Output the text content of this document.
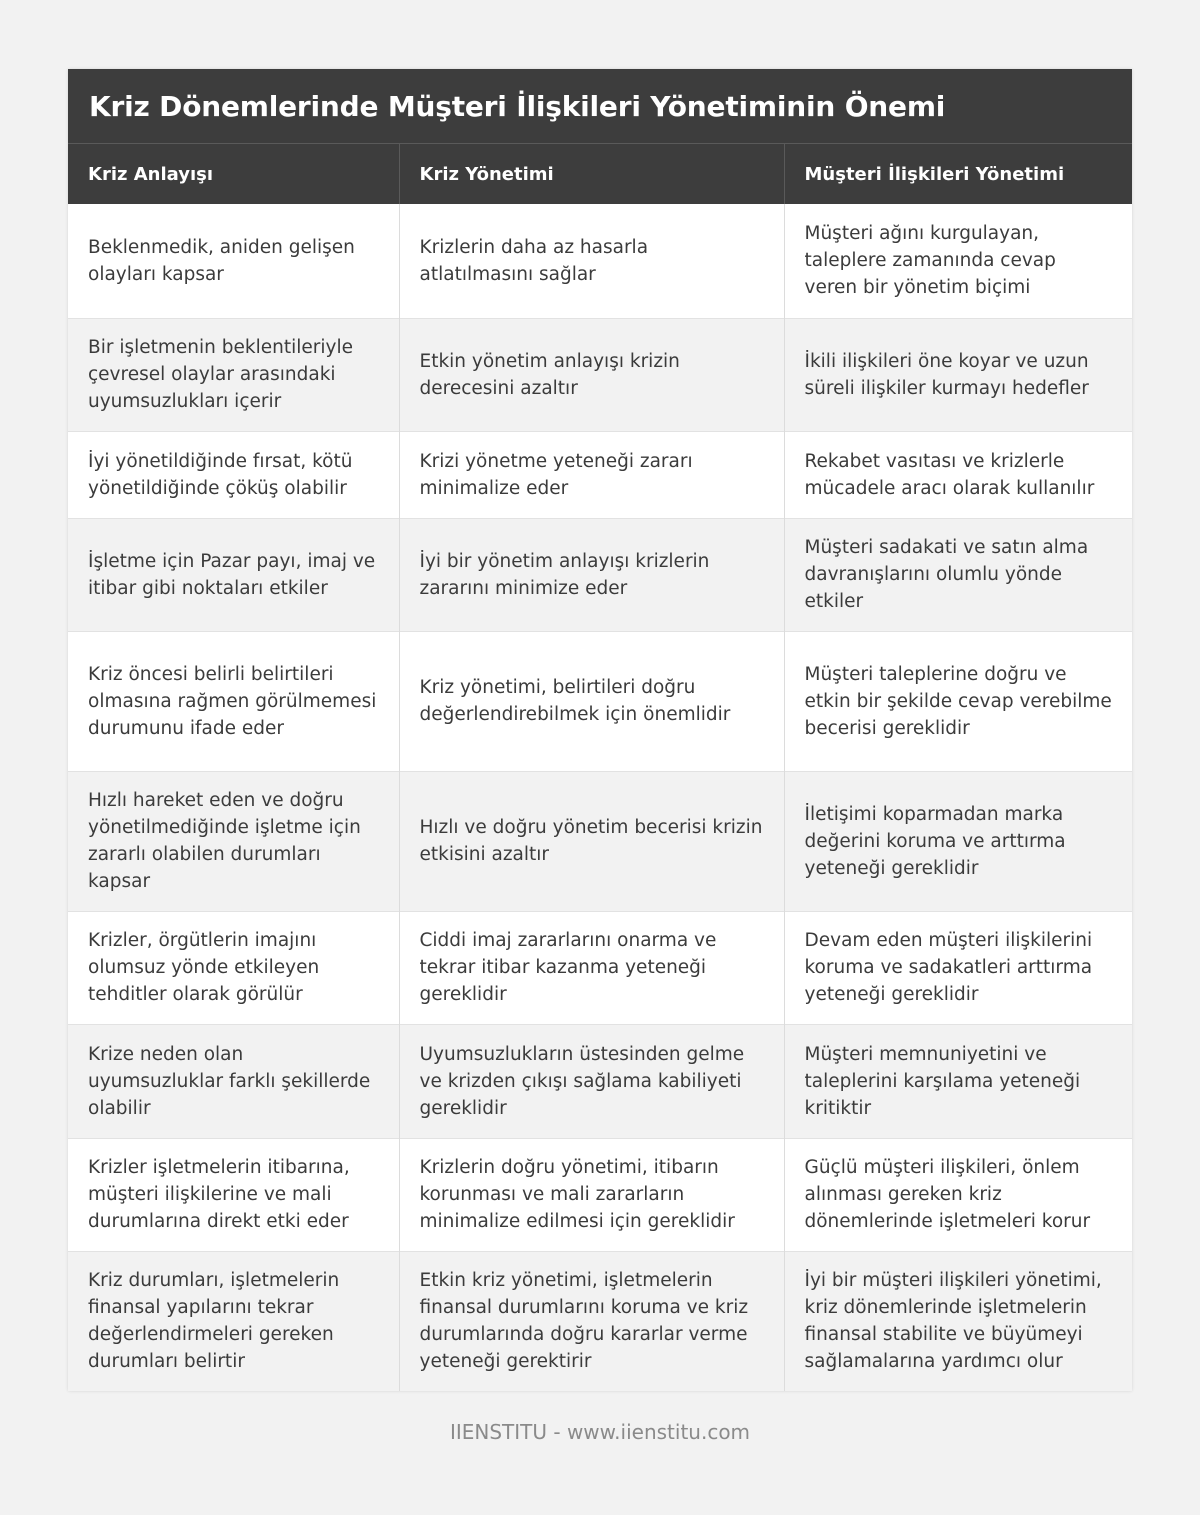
Kriz Dönemlerinde Müşteri İlişkileri Yönetiminin Önemi
Kriz Anlayışı	Kriz Yönetimi	Müşteri İlişkileri Yönetimi
Beklenmedik, aniden gelişen olayları kapsar	Krizlerin daha az hasarla atlatılmasını sağlar	Müşteri ağını kurgulayan, taleplere zamanında cevap veren bir yönetim biçimi
Bir işletmenin beklentileriyle çevresel olaylar arasındaki uyumsuzlukları içerir	Etkin yönetim anlayışı krizin derecesini azaltır	İkili ilişkileri öne koyar ve uzun süreli ilişkiler kurmayı hedefler
İyi yönetildiğinde fırsat, kötü yönetildiğinde çöküş olabilir	Krizi yönetme yeteneği zararı minimalize eder	Rekabet vasıtası ve krizlerle mücadele aracı olarak kullanılır
İşletme için Pazar payı, imaj ve itibar gibi noktaları etkiler	İyi bir yönetim anlayışı krizlerin zararını minimize eder	Müşteri sadakati ve satın alma davranışlarını olumlu yönde etkiler
Kriz öncesi belirli belirtileri olmasına rağmen görülmemesi durumunu ifade eder	Kriz yönetimi, belirtileri doğru değerlendirebilmek için önemlidir	Müşteri taleplerine doğru ve etkin bir şekilde cevap verebilme becerisi gereklidir
Hızlı hareket eden ve doğru yönetilmediğinde işletme için zararlı olabilen durumları kapsar	Hızlı ve doğru yönetim becerisi krizin etkisini azaltır	İletişimi koparmadan marka değerini koruma ve arttırma yeteneği gereklidir
Krizler, örgütlerin imajını olumsuz yönde etkileyen tehditler olarak görülür	Ciddi imaj zararlarını onarma ve tekrar itibar kazanma yeteneği gereklidir	Devam eden müşteri ilişkilerini koruma ve sadakatleri arttırma yeteneği gereklidir
Krize neden olan uyumsuzluklar farklı şekillerde olabilir	Uyumsuzlukların üstesinden gelme ve krizden çıkışı sağlama kabiliyeti gereklidir	Müşteri memnuniyetini ve taleplerini karşılama yeteneği kritiktir
Krizler işletmelerin itibarına, müşteri ilişkilerine ve mali durumlarına direkt etki eder	Krizlerin doğru yönetimi, itibarın korunması ve mali zararların minimalize edilmesi için gereklidir	Güçlü müşteri ilişkileri, önlem alınması gereken kriz dönemlerinde işletmeleri korur
Kriz durumları, işletmelerin finansal yapılarını tekrar değerlendirmeleri gereken durumları belirtir	Etkin kriz yönetimi, işletmelerin finansal durumlarını koruma ve kriz durumlarında doğru kararlar verme yeteneği gerektirir	İyi bir müşteri ilişkileri yönetimi, kriz dönemlerinde işletmelerin finansal stabilite ve büyümeyi sağlamalarına yardımcı olur
IIENSTITU - www.iienstitu.com
